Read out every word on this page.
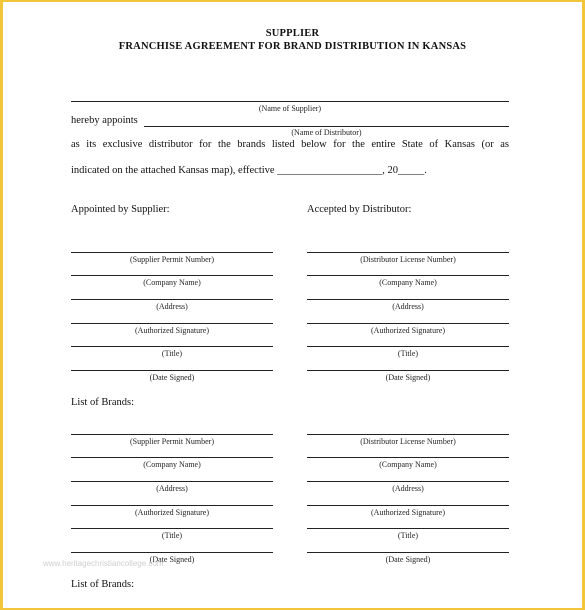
SUPPLIER
FRANCHISE AGREEMENT FOR BRAND DISTRIBUTION IN KANSAS
(Name of Supplier)
hereby appoints
(Name of Distributor)
as its exclusive distributor for the brands listed below for the entire State of Kansas (or as
indicated on the attached Kansas map), effective ____________________, 20_____.
Appointed by Supplier:	Accepted by Distributor:
(Supplier Permit Number)
(Company Name)
(Address)
(Authorized Signature)
(Title)
(Date Signed)
(Distributor License Number)
(Company Name)
(Address)
(Authorized Signature)
(Title)
(Date Signed)
List of Brands:
(Supplier Permit Number)
(Company Name)
(Address)
(Authorized Signature)
(Title)
(Date Signed)
(Distributor License Number)
(Company Name)
(Address)
(Authorized Signature)
(Title)
(Date Signed)
www.heritagechristiancollege.com
List of Brands:
